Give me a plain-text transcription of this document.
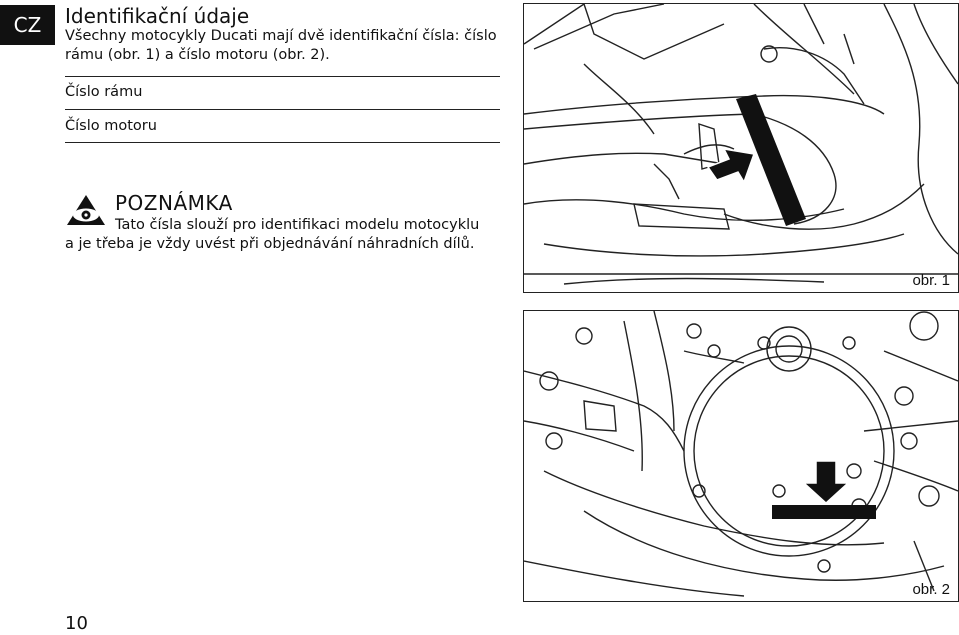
CZ	Identifikační údaje

Všechny motocykly Ducati mají dvě identifikační čísla: číslo
rámu (obr. 1) a číslo motoru (obr. 2).

Číslo rámu
Číslo motoru
POZNÁMKA
Tato čísla slouží pro identifikaci modelu motocyklu
a je třeba je vždy uvést při objednávání náhradních dílů.
10
obr. 1
obr. 2
